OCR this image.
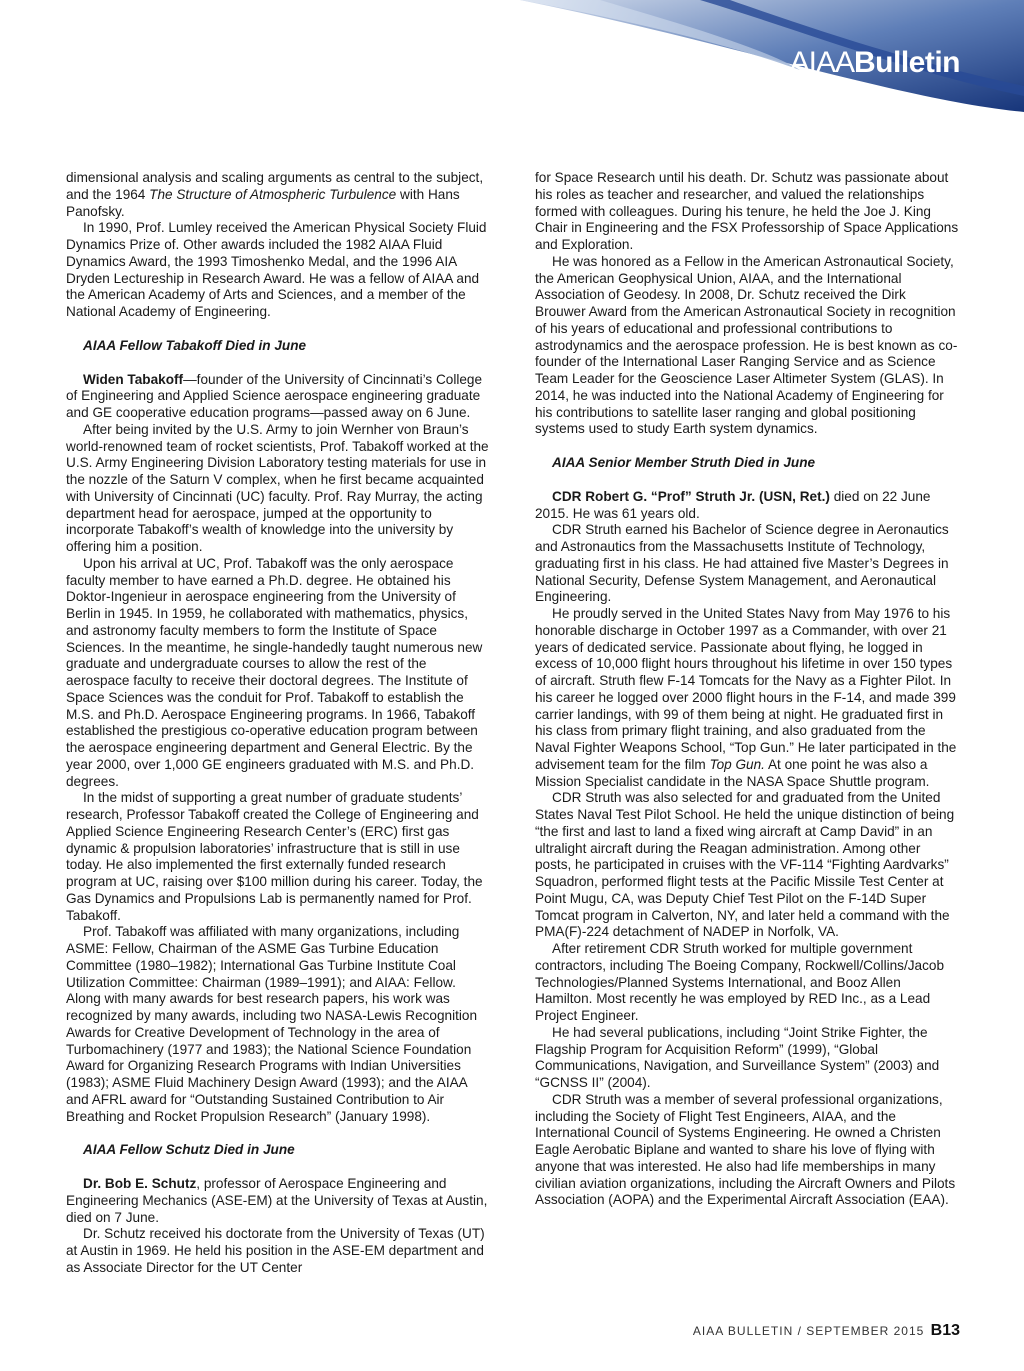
AIAABulletin

dimensional analysis and scaling arguments as central to the subject, and the 1964 The Structure of Atmospheric Turbulence with Hans Panofsky.

In 1990, Prof. Lumley received the American Physical Society Fluid Dynamics Prize of. Other awards included the 1982 AIAA Fluid Dynamics Award, the 1993 Timoshenko Medal, and the 1996 AIA Dryden Lectureship in Research Award. He was a fellow of AIAA and the American Academy of Arts and Sciences, and a member of the National Academy of Engineering.

AIAA Fellow Tabakoff Died in June

Widen Tabakoff—founder of the University of Cincinnati’s College of Engineering and Applied Science aerospace engineering graduate and GE cooperative education programs—passed away on 6 June.

After being invited by the U.S. Army to join Wernher von Braun’s world-renowned team of rocket scientists, Prof. Tabakoff worked at the U.S. Army Engineering Division Laboratory testing materials for use in the nozzle of the Saturn V complex, when he first became acquainted with University of Cincinnati (UC) faculty. Prof. Ray Murray, the acting department head for aerospace, jumped at the opportunity to incorporate Tabakoff’s wealth of knowledge into the university by offering him a position.

Upon his arrival at UC, Prof. Tabakoff was the only aerospace faculty member to have earned a Ph.D. degree. He obtained his Doktor-Ingenieur in aerospace engineering from the University of Berlin in 1945. In 1959, he collaborated with mathematics, physics, and astronomy faculty members to form the Institute of Space Sciences. In the meantime, he single-handedly taught numerous new graduate and undergraduate courses to allow the rest of the aerospace faculty to receive their doctoral degrees. The Institute of Space Sciences was the conduit for Prof. Tabakoff to establish the M.S. and Ph.D. Aerospace Engineering programs. In 1966, Tabakoff established the prestigious co-operative education program between the aerospace engineering department and General Electric. By the year 2000, over 1,000 GE engineers graduated with M.S. and Ph.D. degrees.

In the midst of supporting a great number of graduate students’ research, Professor Tabakoff created the College of Engineering and Applied Science Engineering Research Center’s (ERC) first gas dynamic & propulsion laboratories’ infrastructure that is still in use today. He also implemented the first externally funded research program at UC, raising over $100 million during his career. Today, the Gas Dynamics and Propulsions Lab is permanently named for Prof. Tabakoff.

Prof. Tabakoff was affiliated with many organizations, including ASME: Fellow, Chairman of the ASME Gas Turbine Education Committee (1980–1982); International Gas Turbine Institute Coal Utilization Committee: Chairman (1989–1991); and AIAA: Fellow. Along with many awards for best research papers, his work was recognized by many awards, including two NASA-Lewis Recognition Awards for Creative Development of Technology in the area of Turbomachinery (1977 and 1983); the National Science Foundation Award for Organizing Research Programs with Indian Universities (1983); ASME Fluid Machinery Design Award (1993); and the AIAA and AFRL award for “Outstanding Sustained Contribution to Air Breathing and Rocket Propulsion Research” (January 1998).

AIAA Fellow Schutz Died in June

Dr. Bob E. Schutz, professor of Aerospace Engineering and Engineering Mechanics (ASE-EM) at the University of Texas at Austin, died on 7 June.

Dr. Schutz received his doctorate from the University of Texas (UT) at Austin in 1969. He held his position in the ASE-EM department and as Associate Director for the UT Center

for Space Research until his death. Dr. Schutz was passionate about his roles as teacher and researcher, and valued the relationships formed with colleagues. During his tenure, he held the Joe J. King Chair in Engineering and the FSX Professorship of Space Applications and Exploration.

He was honored as a Fellow in the American Astronautical Society, the American Geophysical Union, AIAA, and the International Association of Geodesy. In 2008, Dr. Schutz received the Dirk Brouwer Award from the American Astronautical Society in recognition of his years of educational and professional contributions to astrodynamics and the aerospace profession. He is best known as co-founder of the International Laser Ranging Service and as Science Team Leader for the Geoscience Laser Altimeter System (GLAS). In 2014, he was inducted into the National Academy of Engineering for his contributions to satellite laser ranging and global positioning systems used to study Earth system dynamics.

AIAA Senior Member Struth Died in June

CDR Robert G. “Prof” Struth Jr. (USN, Ret.) died on 22 June 2015. He was 61 years old.

CDR Struth earned his Bachelor of Science degree in Aeronautics and Astronautics from the Massachusetts Institute of Technology, graduating first in his class. He had attained five Master’s Degrees in National Security, Defense System Management, and Aeronautical Engineering.

He proudly served in the United States Navy from May 1976 to his honorable discharge in October 1997 as a Commander, with over 21 years of dedicated service. Passionate about flying, he logged in excess of 10,000 flight hours throughout his lifetime in over 150 types of aircraft. Struth flew F-14 Tomcats for the Navy as a Fighter Pilot. In his career he logged over 2000 flight hours in the F-14, and made 399 carrier landings, with 99 of them being at night. He graduated first in his class from primary flight training, and also graduated from the Naval Fighter Weapons School, “Top Gun.” He later participated in the advisement team for the film Top Gun. At one point he was also a Mission Specialist candidate in the NASA Space Shuttle program.

CDR Struth was also selected for and graduated from the United States Naval Test Pilot School. He held the unique distinction of being “the first and last to land a fixed wing aircraft at Camp David” in an ultralight aircraft during the Reagan administration. Among other posts, he participated in cruises with the VF-114 “Fighting Aardvarks” Squadron, performed flight tests at the Pacific Missile Test Center at Point Mugu, CA, was Deputy Chief Test Pilot on the F-14D Super Tomcat program in Calverton, NY, and later held a command with the PMA(F)-224 detachment of NADEP in Norfolk, VA.

After retirement CDR Struth worked for multiple government contractors, including The Boeing Company, Rockwell/Collins/Jacob Technologies/Planned Systems International, and Booz Allen Hamilton. Most recently he was employed by RED Inc., as a Lead Project Engineer.

He had several publications, including “Joint Strike Fighter, the Flagship Program for Acquisition Reform” (1999), “Global Communications, Navigation, and Surveillance System” (2003) and “GCNSS II” (2004).

CDR Struth was a member of several professional organizations, including the Society of Flight Test Engineers, AIAA, and the International Council of Systems Engineering. He owned a Christen Eagle Aerobatic Biplane and wanted to share his love of flying with anyone that was interested. He also had life memberships in many civilian aviation organizations, including the Aircraft Owners and Pilots Association (AOPA) and the Experimental Aircraft Association (EAA).

AIAA BULLETIN / SEPTEMBER 2015 B13
